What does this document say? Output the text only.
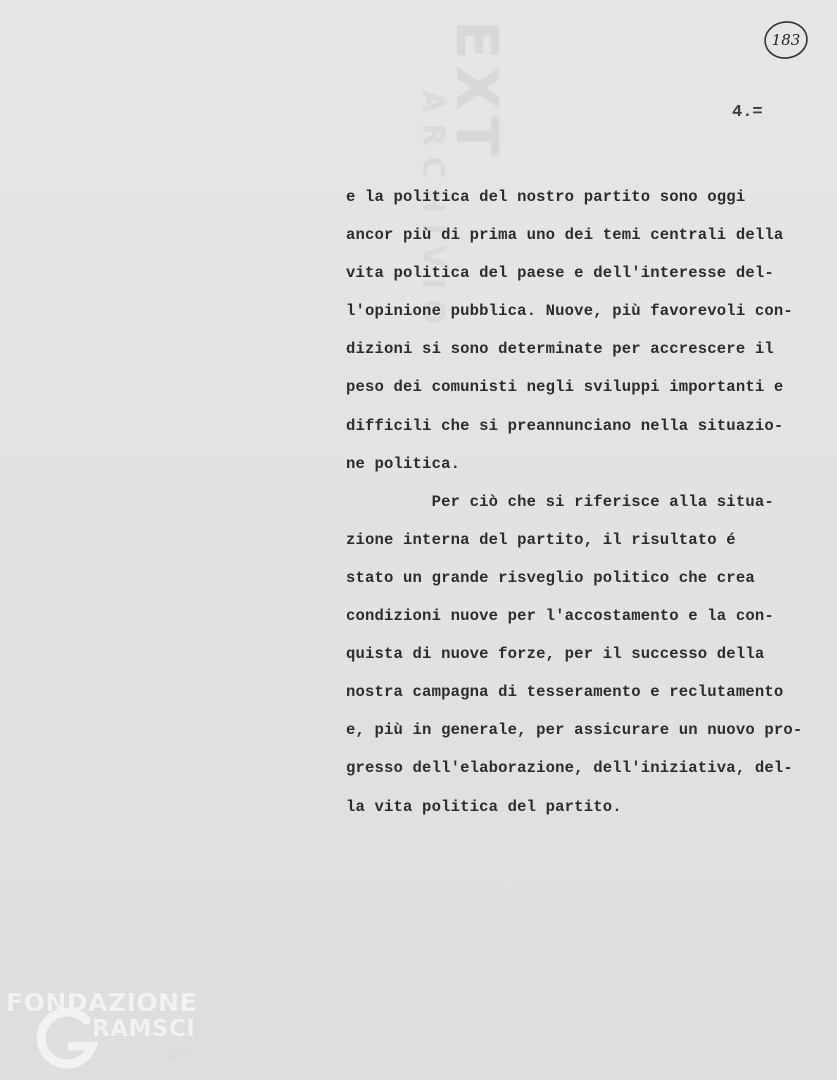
EXT
ARCHIVIO
183
4.=
e la politica del nostro partito sono oggi
ancor più di prima uno dei temi centrali della
vita politica del paese e dell'interesse del-
l'opinione pubblica. Nuove, più favorevoli con-
dizioni si sono determinate per accrescere il
peso dei comunisti negli sviluppi importanti e
difficili che si preannunciano nella situazio-
ne politica.
Per ciò che si riferisce alla situa-
zione interna del partito, il risultato é
stato un grande risveglio politico che crea
condizioni nuove per l'accostamento e la con-
quista di nuove forze, per il successo della
nostra campagna di tesseramento e reclutamento
e, più in generale, per assicurare un nuovo pro-
gresso dell'elaborazione, dell'iniziativa, del-
la vita politica del partito.
FONDAZIONE
RAMSCI
onlus
